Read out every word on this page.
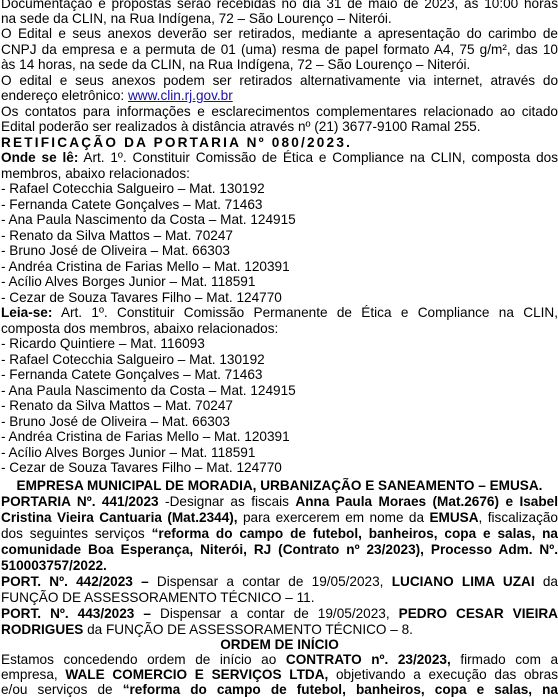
Documentação e propostas serão recebidas no dia 31 de maio de 2023, às 10:00 horas
na sede da CLIN, na Rua Indígena, 72 – São Lourenço – Niterói.
O Edital e seus anexos deverão ser retirados, mediante a apresentação do carimbo de
CNPJ da empresa e a permuta de 01 (uma) resma de papel formato A4, 75 g/m², das 10
às 14 horas, na sede da CLIN, na Rua Indígena, 72 – São Lourenço – Niterói.
O edital e seus anexos podem ser retirados alternativamente via internet, através do
endereço eletrônico: www.clin.rj.gov.br
Os contatos para informações e esclarecimentos complementares relacionado ao citado
Edital poderão ser realizados à distância através nº (21) 3677-9100 Ramal 255.
RETIFICAÇÃO DA PORTARIA Nº 080/2023.
Onde se lê: Art. 1º. Constituir Comissão de Ética e Compliance na CLIN, composta dos
membros, abaixo relacionados:
- Rafael Cotecchia Salgueiro – Mat. 130192
- Fernanda Catete Gonçalves – Mat. 71463
- Ana Paula Nascimento da Costa – Mat. 124915
- Renato da Silva Mattos – Mat. 70247
- Bruno José de Oliveira – Mat. 66303
- Andréa Cristina de Farias Mello – Mat. 120391
- Acílio Alves Borges Junior – Mat. 118591
- Cezar de Souza Tavares Filho – Mat. 124770
Leia-se: Art. 1º. Constituir Comissão Permanente de Ética e Compliance na CLIN,
composta dos membros, abaixo relacionados:
- Ricardo Quintiere – Mat. 116093
- Rafael Cotecchia Salgueiro – Mat. 130192
- Fernanda Catete Gonçalves – Mat. 71463
- Ana Paula Nascimento da Costa – Mat. 124915
- Renato da Silva Mattos – Mat. 70247
- Bruno José de Oliveira – Mat. 66303
- Andréa Cristina de Farias Mello – Mat. 120391
- Acílio Alves Borges Junior – Mat. 118591
- Cezar de Souza Tavares Filho – Mat. 124770
EMPRESA MUNICIPAL DE MORADIA, URBANIZAÇÃO E SANEAMENTO – EMUSA.
PORTARIA Nº. 441/2023 -Designar as fiscais Anna Paula Moraes (Mat.2676) e Isabel
Cristina Vieira Cantuaria (Mat.2344), para exercerem em nome da EMUSA, fiscalização
dos seguintes serviços “reforma do campo de futebol, banheiros, copa e salas, na
comunidade Boa Esperança, Niterói, RJ (Contrato nº 23/2023), Processo Adm. Nº.
510003757/2022.
PORT. Nº. 442/2023 – Dispensar a contar de 19/05/2023, LUCIANO LIMA UZAI da
FUNÇÃO DE ASSESSORAMENTO TÉCNICO – 11.
PORT. Nº. 443/2023 – Dispensar a contar de 19/05/2023, PEDRO CESAR VIEIRA
RODRIGUES da FUNÇÃO DE ASSESSORAMENTO TÉCNICO – 8.
ORDEM DE INÍCIO
Estamos concedendo ordem de início ao CONTRATO nº. 23/2023, firmado com a
empresa, WALE COMERCIO E SERVIÇOS LTDA, objetivando a execução das obras
e/ou serviços de “reforma do campo de futebol, banheiros, copa e salas, na
